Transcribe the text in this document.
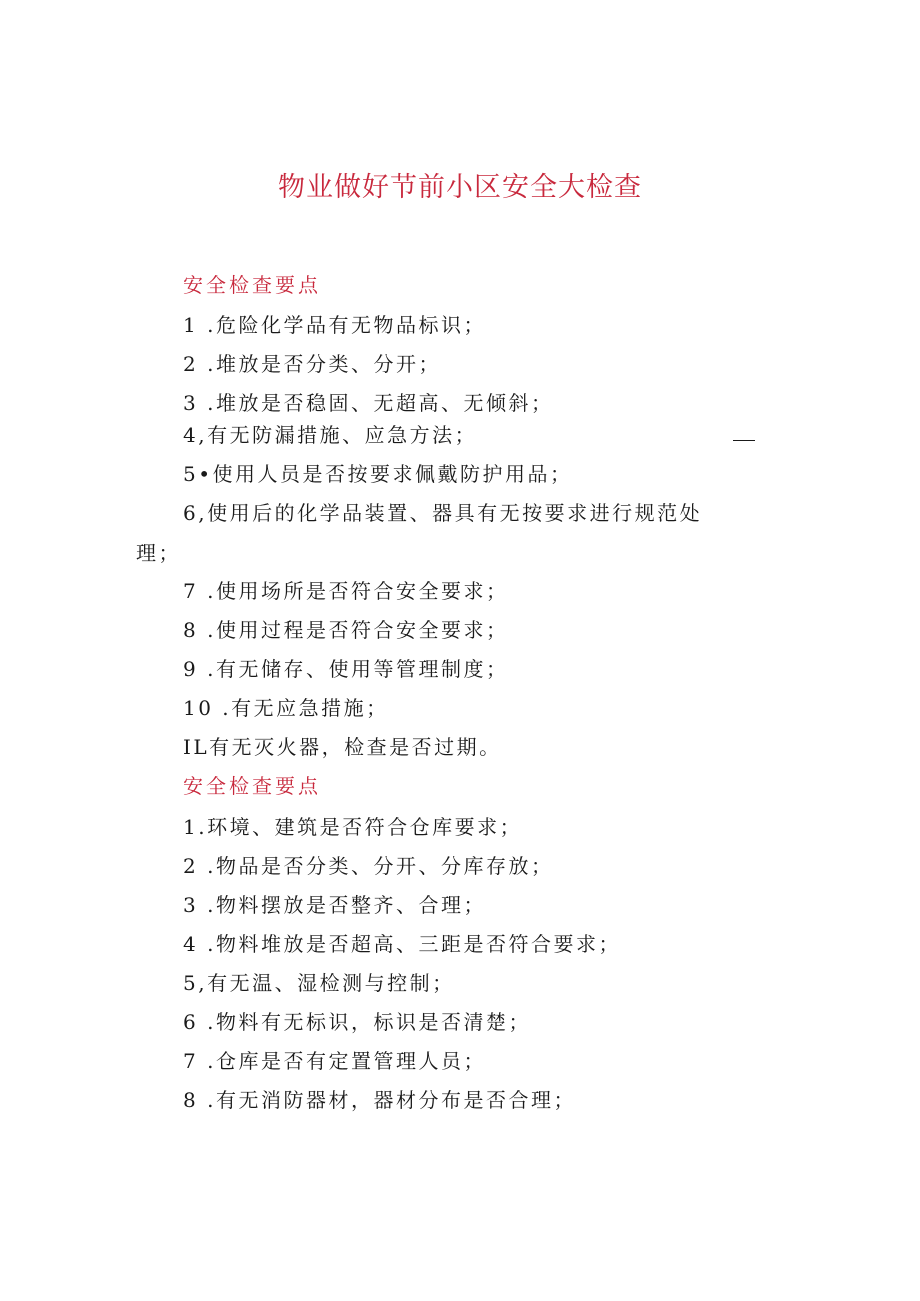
物业做好节前小区安全大检查
安全检查要点
1 .危险化学品有无物品标识；
2 .堆放是否分类、分开；
3 .堆放是否稳固、无超高、无倾斜；
4,有无防漏措施、应急方法；
5•使用人员是否按要求佩戴防护用品；
6,使用后的化学品装置、器具有无按要求进行规范处
理；
7 .使用场所是否符合安全要求；
8 .使用过程是否符合安全要求；
9 .有无储存、使用等管理制度；
10 .有无应急措施；
IL有无灭火器，检查是否过期。
安全检查要点
1.环境、建筑是否符合仓库要求；
2 .物品是否分类、分开、分库存放；
3 .物料摆放是否整齐、合理；
4 .物料堆放是否超高、三距是否符合要求；
5,有无温、湿检测与控制；
6 .物料有无标识，标识是否清楚；
7 .仓库是否有定置管理人员；
8 .有无消防器材，器材分布是否合理；
